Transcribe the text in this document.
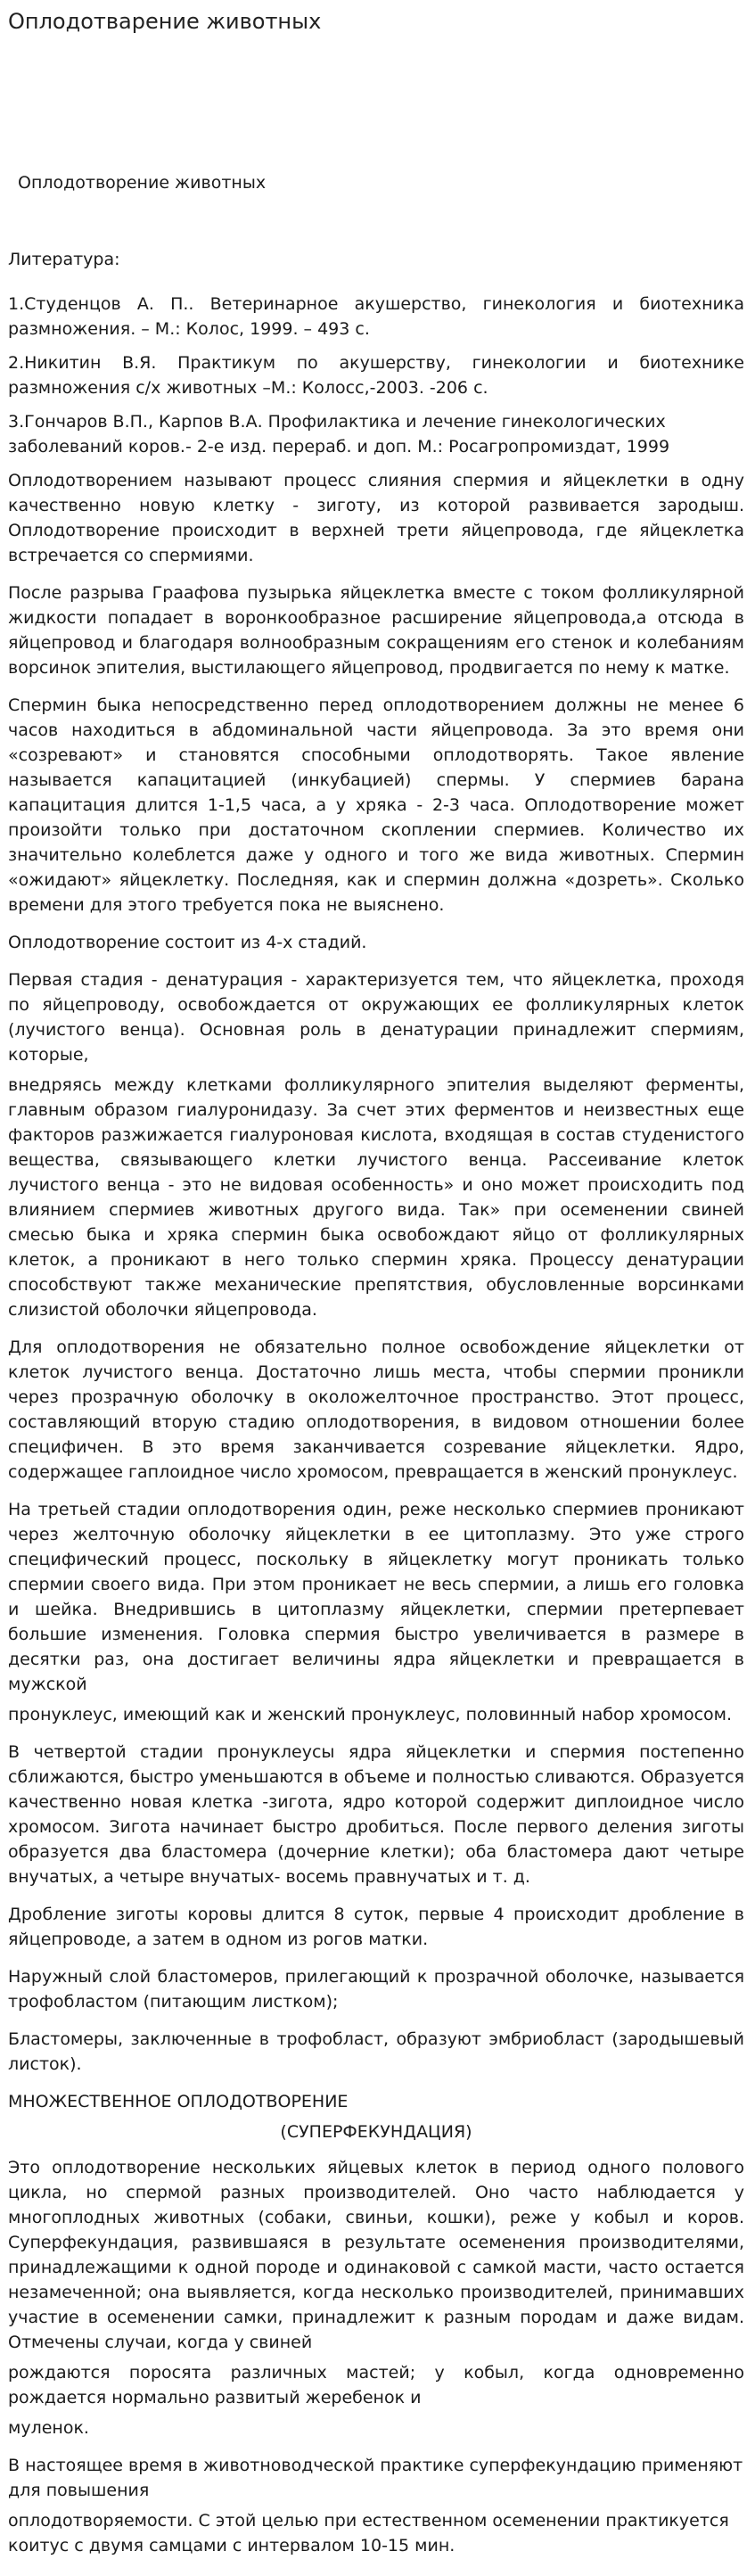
Оплодотварение животных

Оплодотворение животных

Литература:

1.Студенцов А. П.. Ветеринарное акушерство, гинекология и биотехника размножения. – М.: Колос, 1999. – 493 с.

2.Никитин В.Я. Практикум по акушерству, гинекологии и биотехнике размножения с/х животных –М.: Колосс,-2003. -206 с.

3.Гончаров В.П., Карпов В.А. Профилактика и лечение гинекологических заболеваний коров.- 2-е изд. перераб. и доп. М.: Росагропромиздат, 1999

Оплодотворением называют процесс слияния спермия и яйцеклетки в одну качественно новую клетку - зиготу, из которой развивается зародыш. Оплодотворение происходит в верхней трети яйцепровода, где яйцеклетка встречается со спермиями.

После разрыва Граафова пузырька яйцеклетка вместе с током фолликулярной жидкости попадает в воронкообразное расширение яйцепровода,а отсюда в яйцепровод и благодаря волнообразным сокращениям его стенок и колебаниям ворсинок эпителия, выстилающего яйцепровод, продвигается по нему к матке.

Спермин быка непосредственно перед оплодотворением должны не менее 6 часов находиться в абдоминальной части яйцепровода. За это время они «созревают» и становятся способными оплодотворять. Такое явление называется капацитацией (инкубацией) спермы. У спермиев барана капацитация длится 1-1,5 часа, а у хряка - 2-3 часа. Оплодотворение может произойти только при достаточном скоплении спермиев. Количество их значительно колеблется даже у одного и того же вида животных. Спермин «ожидают» яйцеклетку. Последняя, как и спермин должна «дозреть». Сколько времени для этого требуется пока не выяснено.

Оплодотворение состоит из 4-х стадий.

Первая стадия - денатурация - характеризуется тем, что яйцеклетка, проходя по яйцепроводу, освобождается от окружающих ее фолликулярных клеток (лучистого венца). Основная роль в денатурации принадлежит спермиям, которые,

внедряясь между клетками фолликулярного эпителия выделяют ферменты, главным образом гиалуронидазу. За счет этих ферментов и неизвестных еще факторов разжижается гиалуроновая кислота, входящая в состав студенистого вещества, связывающего клетки лучистого венца. Рассеивание клеток лучистого венца - это не видовая особенность» и оно может происходить под влиянием спермиев животных другого вида. Так» при осеменении свиней смесью быка и хряка спермин быка освобождают яйцо от фолликулярных клеток, а проникают в него только спермин хряка. Процессу денатурации способствуют также механические препятствия, обусловленные ворсинками слизистой оболочки яйцепровода.

Для оплодотворения не обязательно полное освобождение яйцеклетки от клеток лучистого венца. Достаточно лишь места, чтобы спермии проникли через прозрачную оболочку в околожелточное пространство. Этот процесс, составляющий вторую стадию оплодотворения, в видовом отношении более специфичен. В это время заканчивается созревание яйцеклетки. Ядро, содержащее гаплоидное число хромосом, превращается в женский пронуклеус.

На третьей стадии оплодотворения один, реже несколько спермиев проникают через желточную оболочку яйцеклетки в ее цитоплазму. Это уже строго специфический процесс, поскольку в яйцеклетку могут проникать только спермии своего вида. При этом проникает не весь спермии, а лишь его головка и шейка. Внедрившись в цитоплазму яйцеклетки, спермии претерпевает большие изменения. Головка спермия быстро увеличивается в размере в десятки раз, она достигает величины ядра яйцеклетки и превращается в мужской

пронуклеус, имеющий как и женский пронуклеус, половинный набор хромосом.

В четвертой стадии пронуклеусы ядра яйцеклетки и спермия постепенно сближаются, быстро уменьшаются в объеме и полностью сливаются. Образуется качественно новая клетка -зигота, ядро которой содержит диплоидное число хромосом. Зигота начинает быстро дробиться. После первого деления зиготы образуется два бластомера (дочерние клетки); оба бластомера дают четыре внучатых, а четыре внучатых- восемь правнучатых и т. д.

Дробление зиготы коровы длится 8 суток, первые 4 происходит дробление в яйцепроводе, а затем в одном из рогов матки.

Наружный слой бластомеров, прилегающий к прозрачной оболочке, называется трофобластом (питающим листком);

Бластомеры, заключенные в трофобласт, образуют эмбриобласт (зародышевый листок).

МНОЖЕСТВЕННОЕ ОПЛОДОТВОРЕНИЕ

(СУПЕРФЕКУНДАЦИЯ)

Это оплодотворение нескольких яйцевых клеток в период одного полового цикла, но спермой разных производителей. Оно часто наблюдается у многоплодных животных (собаки, свиньи, кошки), реже у кобыл и коров. Суперфекундация, развившаяся в результате осеменения производителями, принадлежащими к одной породе и одинаковой с самкой масти, часто остается незамеченной; она выявляется, когда несколько производителей, принимавших участие в осеменении самки, принадлежит к разным породам и даже видам. Отмечены случаи, когда у свиней

рождаются поросята различных мастей; у кобыл, когда одновременно рождается нормально развитый жеребенок и

муленок.

В настоящее время в животноводческой практике суперфекундацию применяют для повышения

оплодотворяемости. С этой целью при естественном осеменении практикуется коитус с двумя самцами с интервалом 10-15 мин.
